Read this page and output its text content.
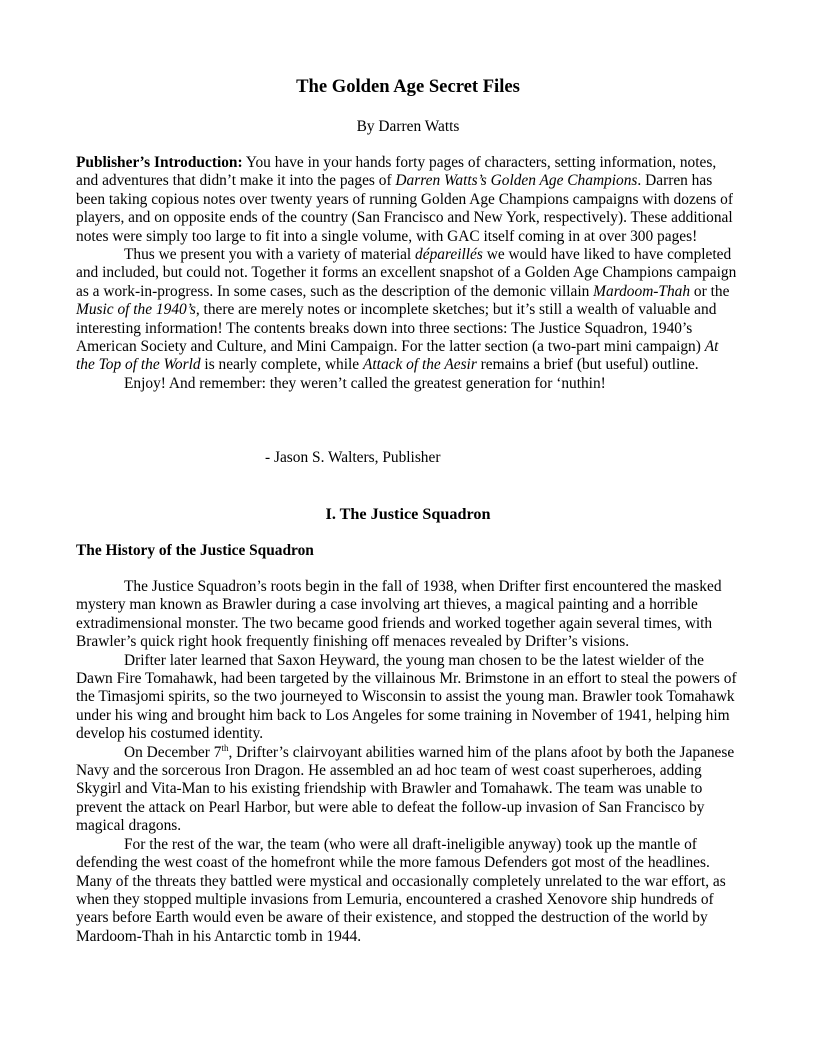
The Golden Age Secret Files
By Darren Watts

Publisher’s Introduction: You have in your hands forty pages of characters, setting information, notes, and adventures that didn’t make it into the pages of Darren Watts’s Golden Age Champions. Darren has been taking copious notes over twenty years of running Golden Age Champions campaigns with dozens of players, and on opposite ends of the country (San Francisco and New York, respectively). These additional notes were simply too large to fit into a single volume, with GAC itself coming in at over 300 pages!

Thus we present you with a variety of material dépareillés we would have liked to have completed and included, but could not. Together it forms an excellent snapshot of a Golden Age Champions campaign as a work-in-progress. In some cases, such as the description of the demonic villain Mardoom-Thah or the Music of the 1940’s, there are merely notes or incomplete sketches; but it’s still a wealth of valuable and interesting information! The contents breaks down into three sections: The Justice Squadron, 1940’s American Society and Culture, and Mini Campaign. For the latter section (a two-part mini campaign) At the Top of the World is nearly complete, while Attack of the Aesir remains a brief (but useful) outline.

Enjoy! And remember: they weren’t called the greatest generation for ‘nuthin!

- Jason S. Walters, Publisher
I. The Justice Squadron
The History of the Justice Squadron

The Justice Squadron’s roots begin in the fall of 1938, when Drifter first encountered the masked mystery man known as Brawler during a case involving art thieves, a magical painting and a horrible extradimensional monster. The two became good friends and worked together again several times, with Brawler’s quick right hook frequently finishing off menaces revealed by Drifter’s visions.

Drifter later learned that Saxon Heyward, the young man chosen to be the latest wielder of the Dawn Fire Tomahawk, had been targeted by the villainous Mr. Brimstone in an effort to steal the powers of the Timasjomi spirits, so the two journeyed to Wisconsin to assist the young man. Brawler took Tomahawk under his wing and brought him back to Los Angeles for some training in November of 1941, helping him develop his costumed identity.

On December 7th, Drifter’s clairvoyant abilities warned him of the plans afoot by both the Japanese Navy and the sorcerous Iron Dragon. He assembled an ad hoc team of west coast superheroes, adding Skygirl and Vita-Man to his existing friendship with Brawler and Tomahawk. The team was unable to prevent the attack on Pearl Harbor, but were able to defeat the follow-up invasion of San Francisco by magical dragons.

For the rest of the war, the team (who were all draft-ineligible anyway) took up the mantle of defending the west coast of the homefront while the more famous Defenders got most of the headlines. Many of the threats they battled were mystical and occasionally completely unrelated to the war effort, as when they stopped multiple invasions from Lemuria, encountered a crashed Xenovore ship hundreds of years before Earth would even be aware of their existence, and stopped the destruction of the world by Mardoom-Thah in his Antarctic tomb in 1944.
